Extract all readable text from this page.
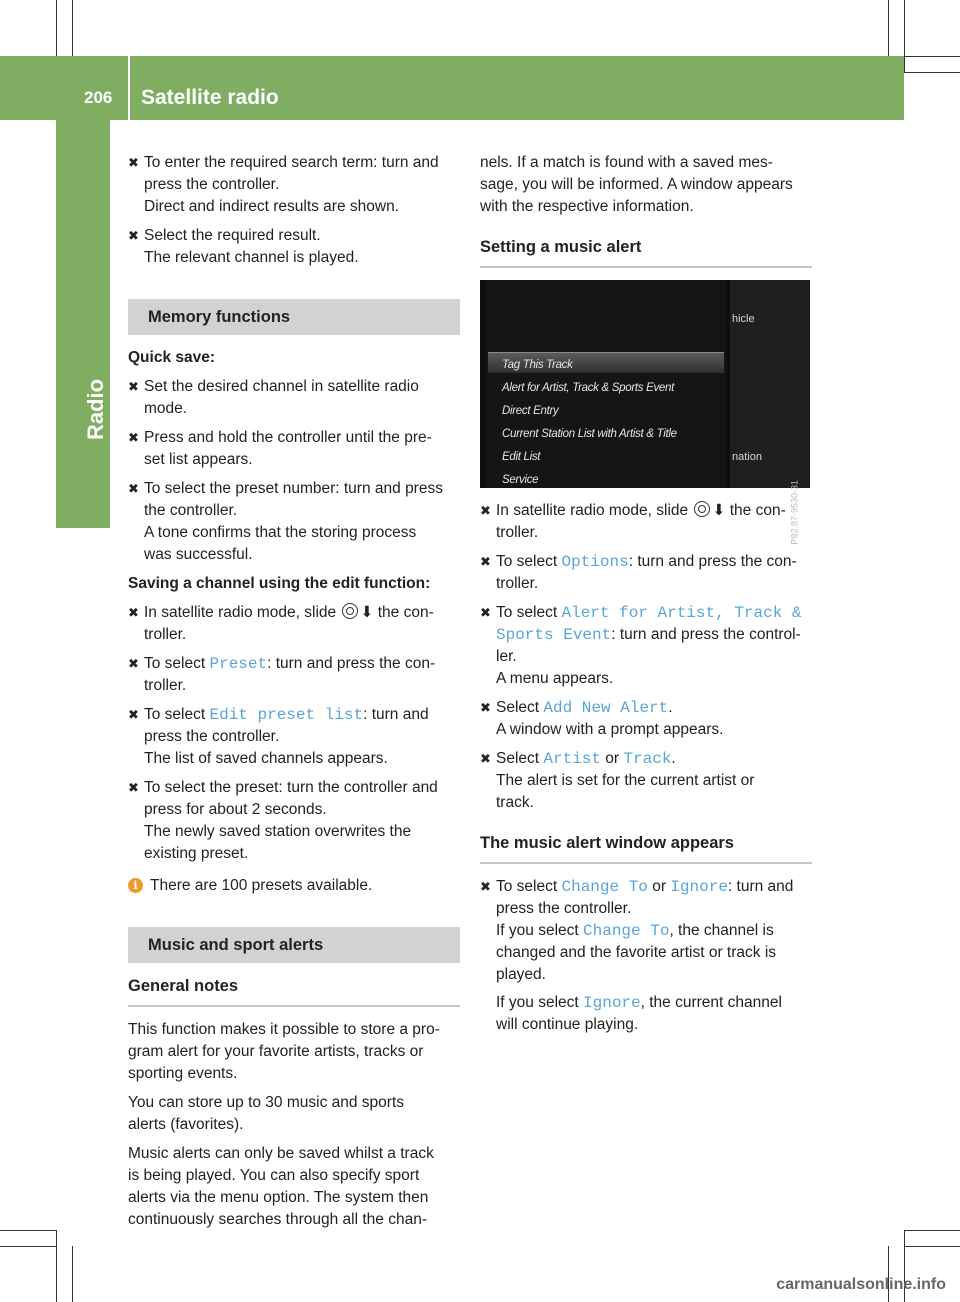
206 Satellite radio
Radio
✖ To enter the required search term: turn and
press the controller.
Direct and indirect results are shown.
✖ Select the required result.
The relevant channel is played.
Memory functions

Quick save:

✖ Set the desired channel in satellite radio
mode.
✖ Press and hold the controller until the pre-
set list appears.
✖ To select the preset number: turn and press
the controller.
A tone confirms that the storing process
was successful.

Saving a channel using the edit function:

✖ In satellite radio mode, slide ⬇ the con-
troller.
✖ To select Preset: turn and press the con-
troller.
✖ To select Edit preset list: turn and
press the controller.
The list of saved channels appears.
✖ To select the preset: turn the controller and
press for about 2 seconds.
The newly saved station overwrites the
existing preset.
i There are 100 presets available.
Music and sport alerts
General notes

This function makes it possible to store a pro-
gram alert for your favorite artists, tracks or
sporting events.

You can store up to 30 music and sports
alerts (favorites).

Music alerts can only be saved whilst a track
is being played. You can also specify sport
alerts via the menu option. The system then
continuously searches through all the chan-

nels. If a match is found with a saved mes-
sage, you will be informed. A window appears
with the respective information.

Setting a music alert
Tag This Track
Alert for Artist, Track & Sports Event
Direct Entry
Current Station List with Artist & Title
Edit List
Service
hicle
nation
P82.87-9530-31
✖ In satellite radio mode, slide ⬇ the con-
troller.
✖ To select Options: turn and press the con-
troller.
✖ To select Alert for Artist, Track &
Sports Event: turn and press the control-
ler.
A menu appears.
✖ Select Add New Alert.
A window with a prompt appears.
✖ Select Artist or Track.
The alert is set for the current artist or
track.
The music alert window appears
✖ To select Change To or Ignore: turn and
press the controller.
If you select Change To, the channel is
changed and the favorite artist or track is
played.
If you select Ignore, the current channel
will continue playing.
carmanualsonline.info
